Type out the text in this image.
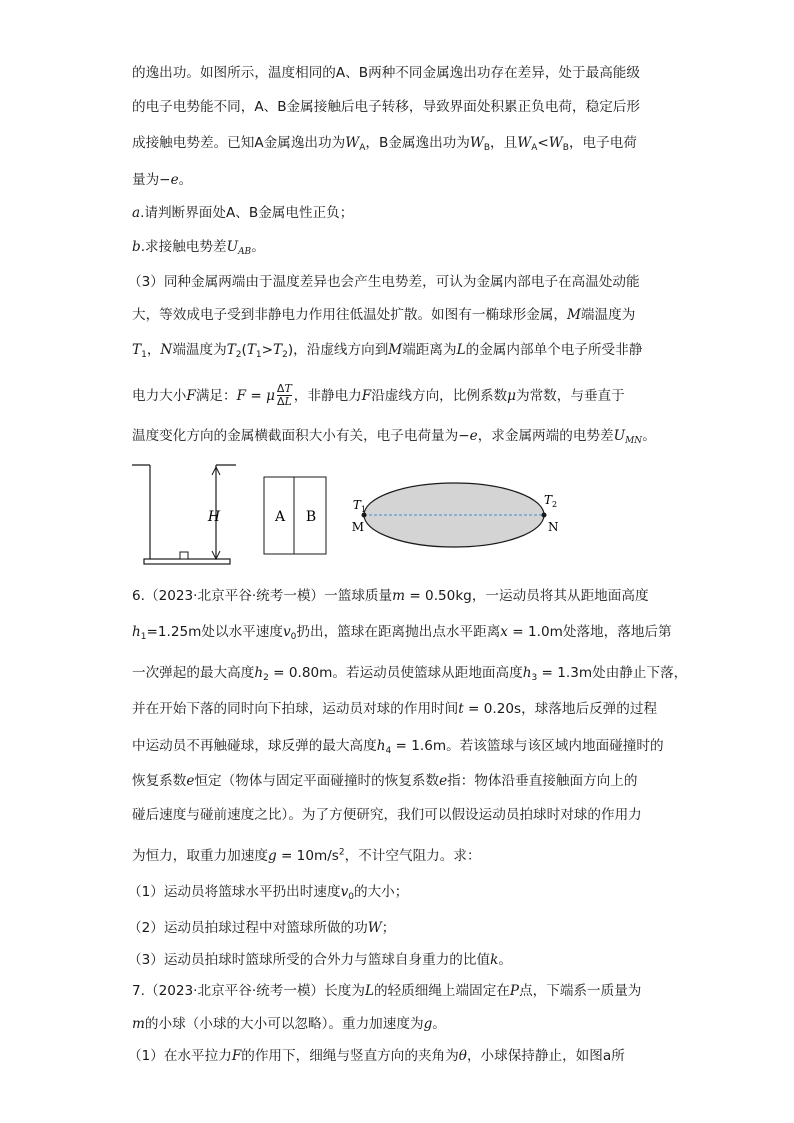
的逸出功。如图所示，温度相同的A、B两种不同金属逸出功存在差异，处于最高能级
的电子电势能不同，A、B金属接触后电子转移，导致界面处积累正负电荷，稳定后形
成接触电势差。已知A金属逸出功为$W_A$，B金属逸出功为$W_B$，且$W_A<W_B$，电子电荷
量为−e。
a.请判断界面处A、B金属电性正负；
b.求接触电势差$U_{AB}$。
（3）同种金属两端由于温度差异也会产生电势差，可认为金属内部电子在高温处动能
大，等效成电子受到非静电力作用往低温处扩散。如图有一椭球形金属，M端温度为
$T_1$，N端温度为$T_2(T_1>T_2)$，沿虚线方向到M端距离为L的金属内部单个电子所受非静
电力大小F满足：F = μ $\frac{\Delta T}{\Delta L}$ ，非静电力F沿虚线方向，比例系数μ为常数，与垂直于
温度变化方向的金属横截面积大小有关，电子电荷量为−e，求金属两端的电势差$U_{MN}$。
H	A B
$T_1$
M
$T_2$
N
6.（2023·北京平谷·统考一模）一篮球质量m = 0.50kg，一运动员将其从距地面高度
$h_1=1.25m$处以水平速度$v_0$扔出，篮球在距离抛出点水平距离x = 1.0m处落地，落地后第
一次弹起的最大高度$h_2 = 0.80m$。若运动员使篮球从距地面高度$h_3 = 1.3m$处由静止下落，
并在开始下落的同时向下拍球，运动员对球的作用时间t = 0.20s，球落地后反弹的过程
中运动员不再触碰球，球反弹的最大高度$h_4 = 1.6m$。若该篮球与该区域内地面碰撞时的
恢复系数e恒定（物体与固定平面碰撞时的恢复系数e指：物体沿垂直接触面方向上的
碰后速度与碰前速度之比）。为了方便研究，我们可以假设运动员拍球时对球的作用力
为恒力，取重力加速度$g = 10m/s^2$，不计空气阻力。求：
（1）运动员将篮球水平扔出时速度$v_0$的大小；
（2）运动员拍球过程中对篮球所做的功W；
（3）运动员拍球时篮球所受的合外力与篮球自身重力的比值k。
7.（2023·北京平谷·统考一模）长度为L的轻质细绳上端固定在P点，下端系一质量为
m的小球（小球的大小可以忽略）。重力加速度为g。
（1）在水平拉力F的作用下，细绳与竖直方向的夹角为θ，小球保持静止，如图a所
